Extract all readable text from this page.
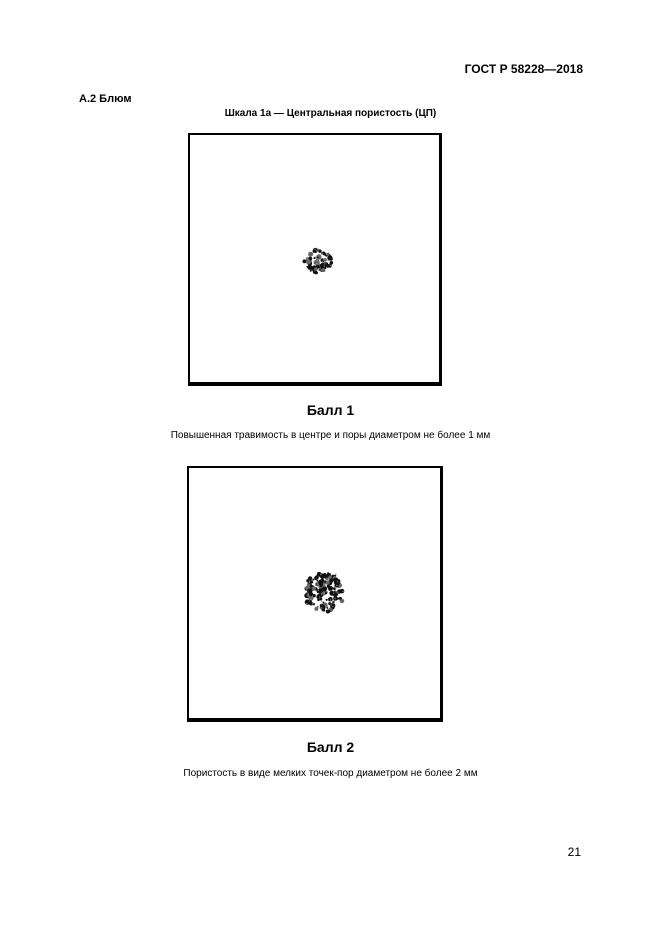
ГОСТ Р 58228—2018
А.2 Блюм
Шкала 1а — Центральная пористость (ЦП)
Балл 1
Повышенная травимость в центре и поры диаметром не более 1 мм
Балл 2
Пористость в виде мелких точек-пор диаметром не более 2 мм
21
